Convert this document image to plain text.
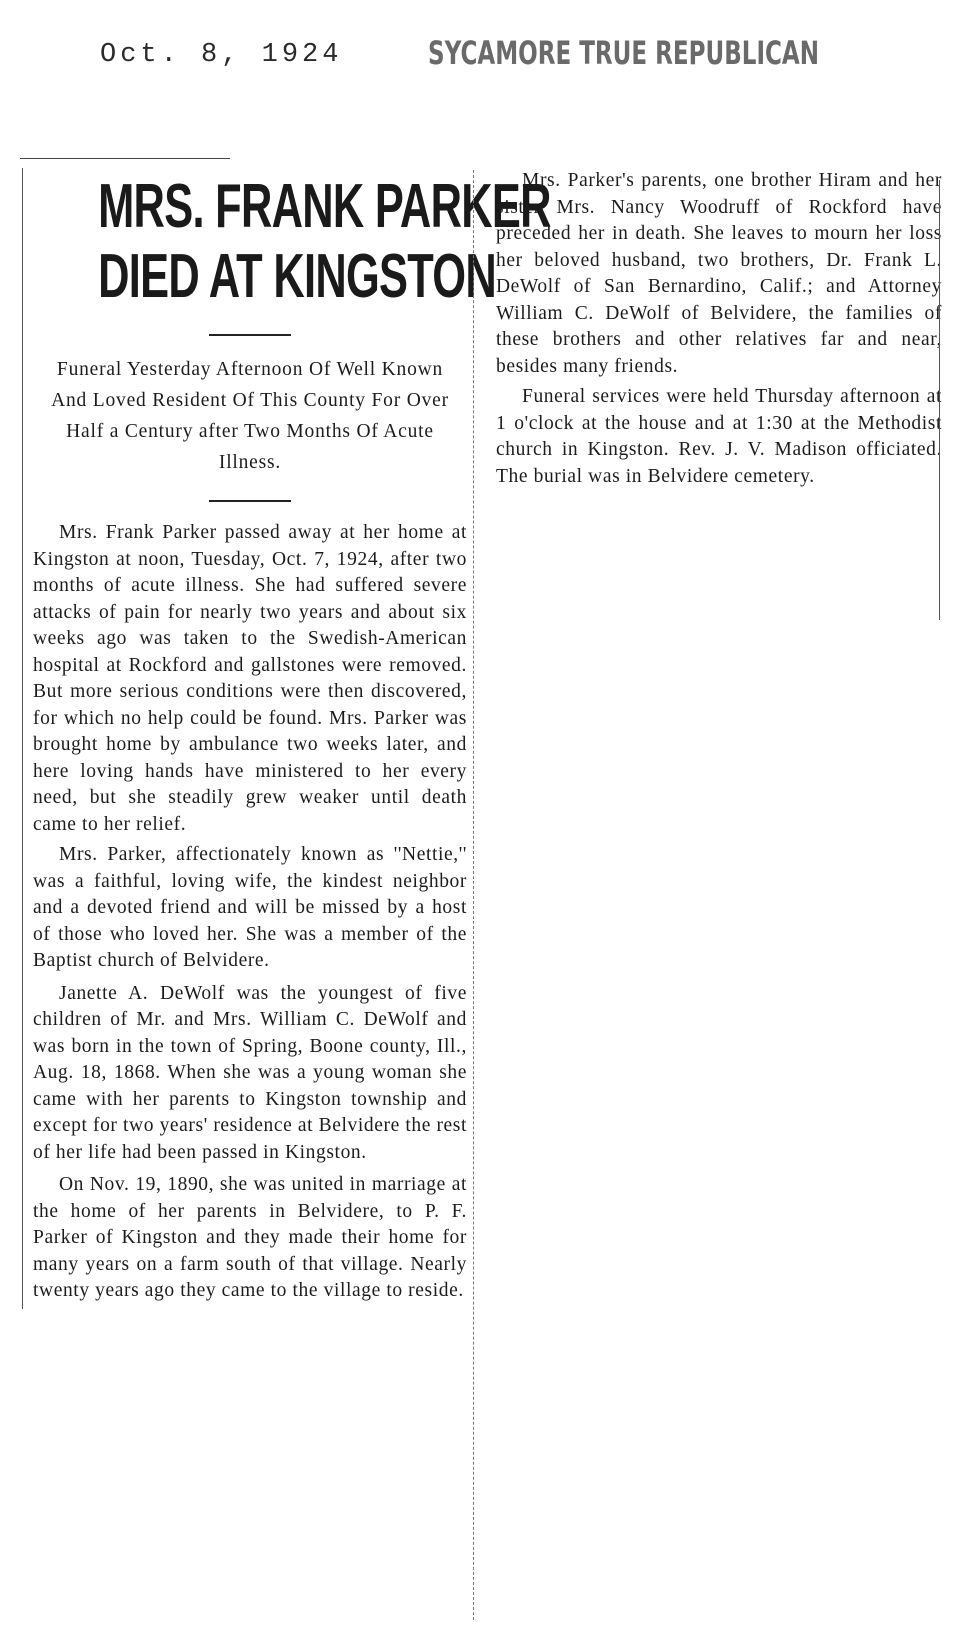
Oct. 8, 1924	SYCAMORE TRUE REPUBLICAN
MRS. FRANK PARKER
DIED AT KINGSTON
Funeral Yesterday Afternoon Of Well Known And Loved Resident Of This County For Over Half a Century after Two Months Of Acute Illness.

Mrs. Frank Parker passed away at her home at Kingston at noon, Tuesday, Oct. 7, 1924, after two months of acute illness. She had suffered severe attacks of pain for nearly two years and about six weeks ago was taken to the Swedish-American hospital at Rockford and gallstones were removed. But more serious conditions were then discovered, for which no help could be found. Mrs. Parker was brought home by ambulance two weeks later, and here loving hands have ministered to her every need, but she steadily grew weaker until death came to her relief.

Mrs. Parker, affectionately known as ''Nettie,'' was a faithful, loving wife, the kindest neighbor and a devoted friend and will be missed by a host of those who loved her. She was a member of the Baptist church of Belvidere.

Janette A. DeWolf was the youngest of five children of Mr. and Mrs. William C. DeWolf and was born in the town of Spring, Boone county, Ill., Aug. 18, 1868. When she was a young woman she came with her parents to Kingston township and except for two years' residence at Belvidere the rest of her life had been passed in Kingston.

On Nov. 19, 1890, she was united in marriage at the home of her parents in Belvidere, to P. F. Parker of Kingston and they made their home for many years on a farm south of that village. Nearly twenty years ago they came to the village to reside.

Mrs. Parker's parents, one brother Hiram and her sister Mrs. Nancy Woodruff of Rockford have preceded her in death. She leaves to mourn her loss her beloved husband, two brothers, Dr. Frank L. DeWolf of San Bernardino, Calif.; and Attorney William C. DeWolf of Belvidere, the families of these brothers and other relatives far and near, besides many friends.

Funeral services were held Thursday afternoon at 1 o'clock at the house and at 1:30 at the Methodist church in Kingston. Rev. J. V. Madison officiated. The burial was in Belvidere cemetery.
